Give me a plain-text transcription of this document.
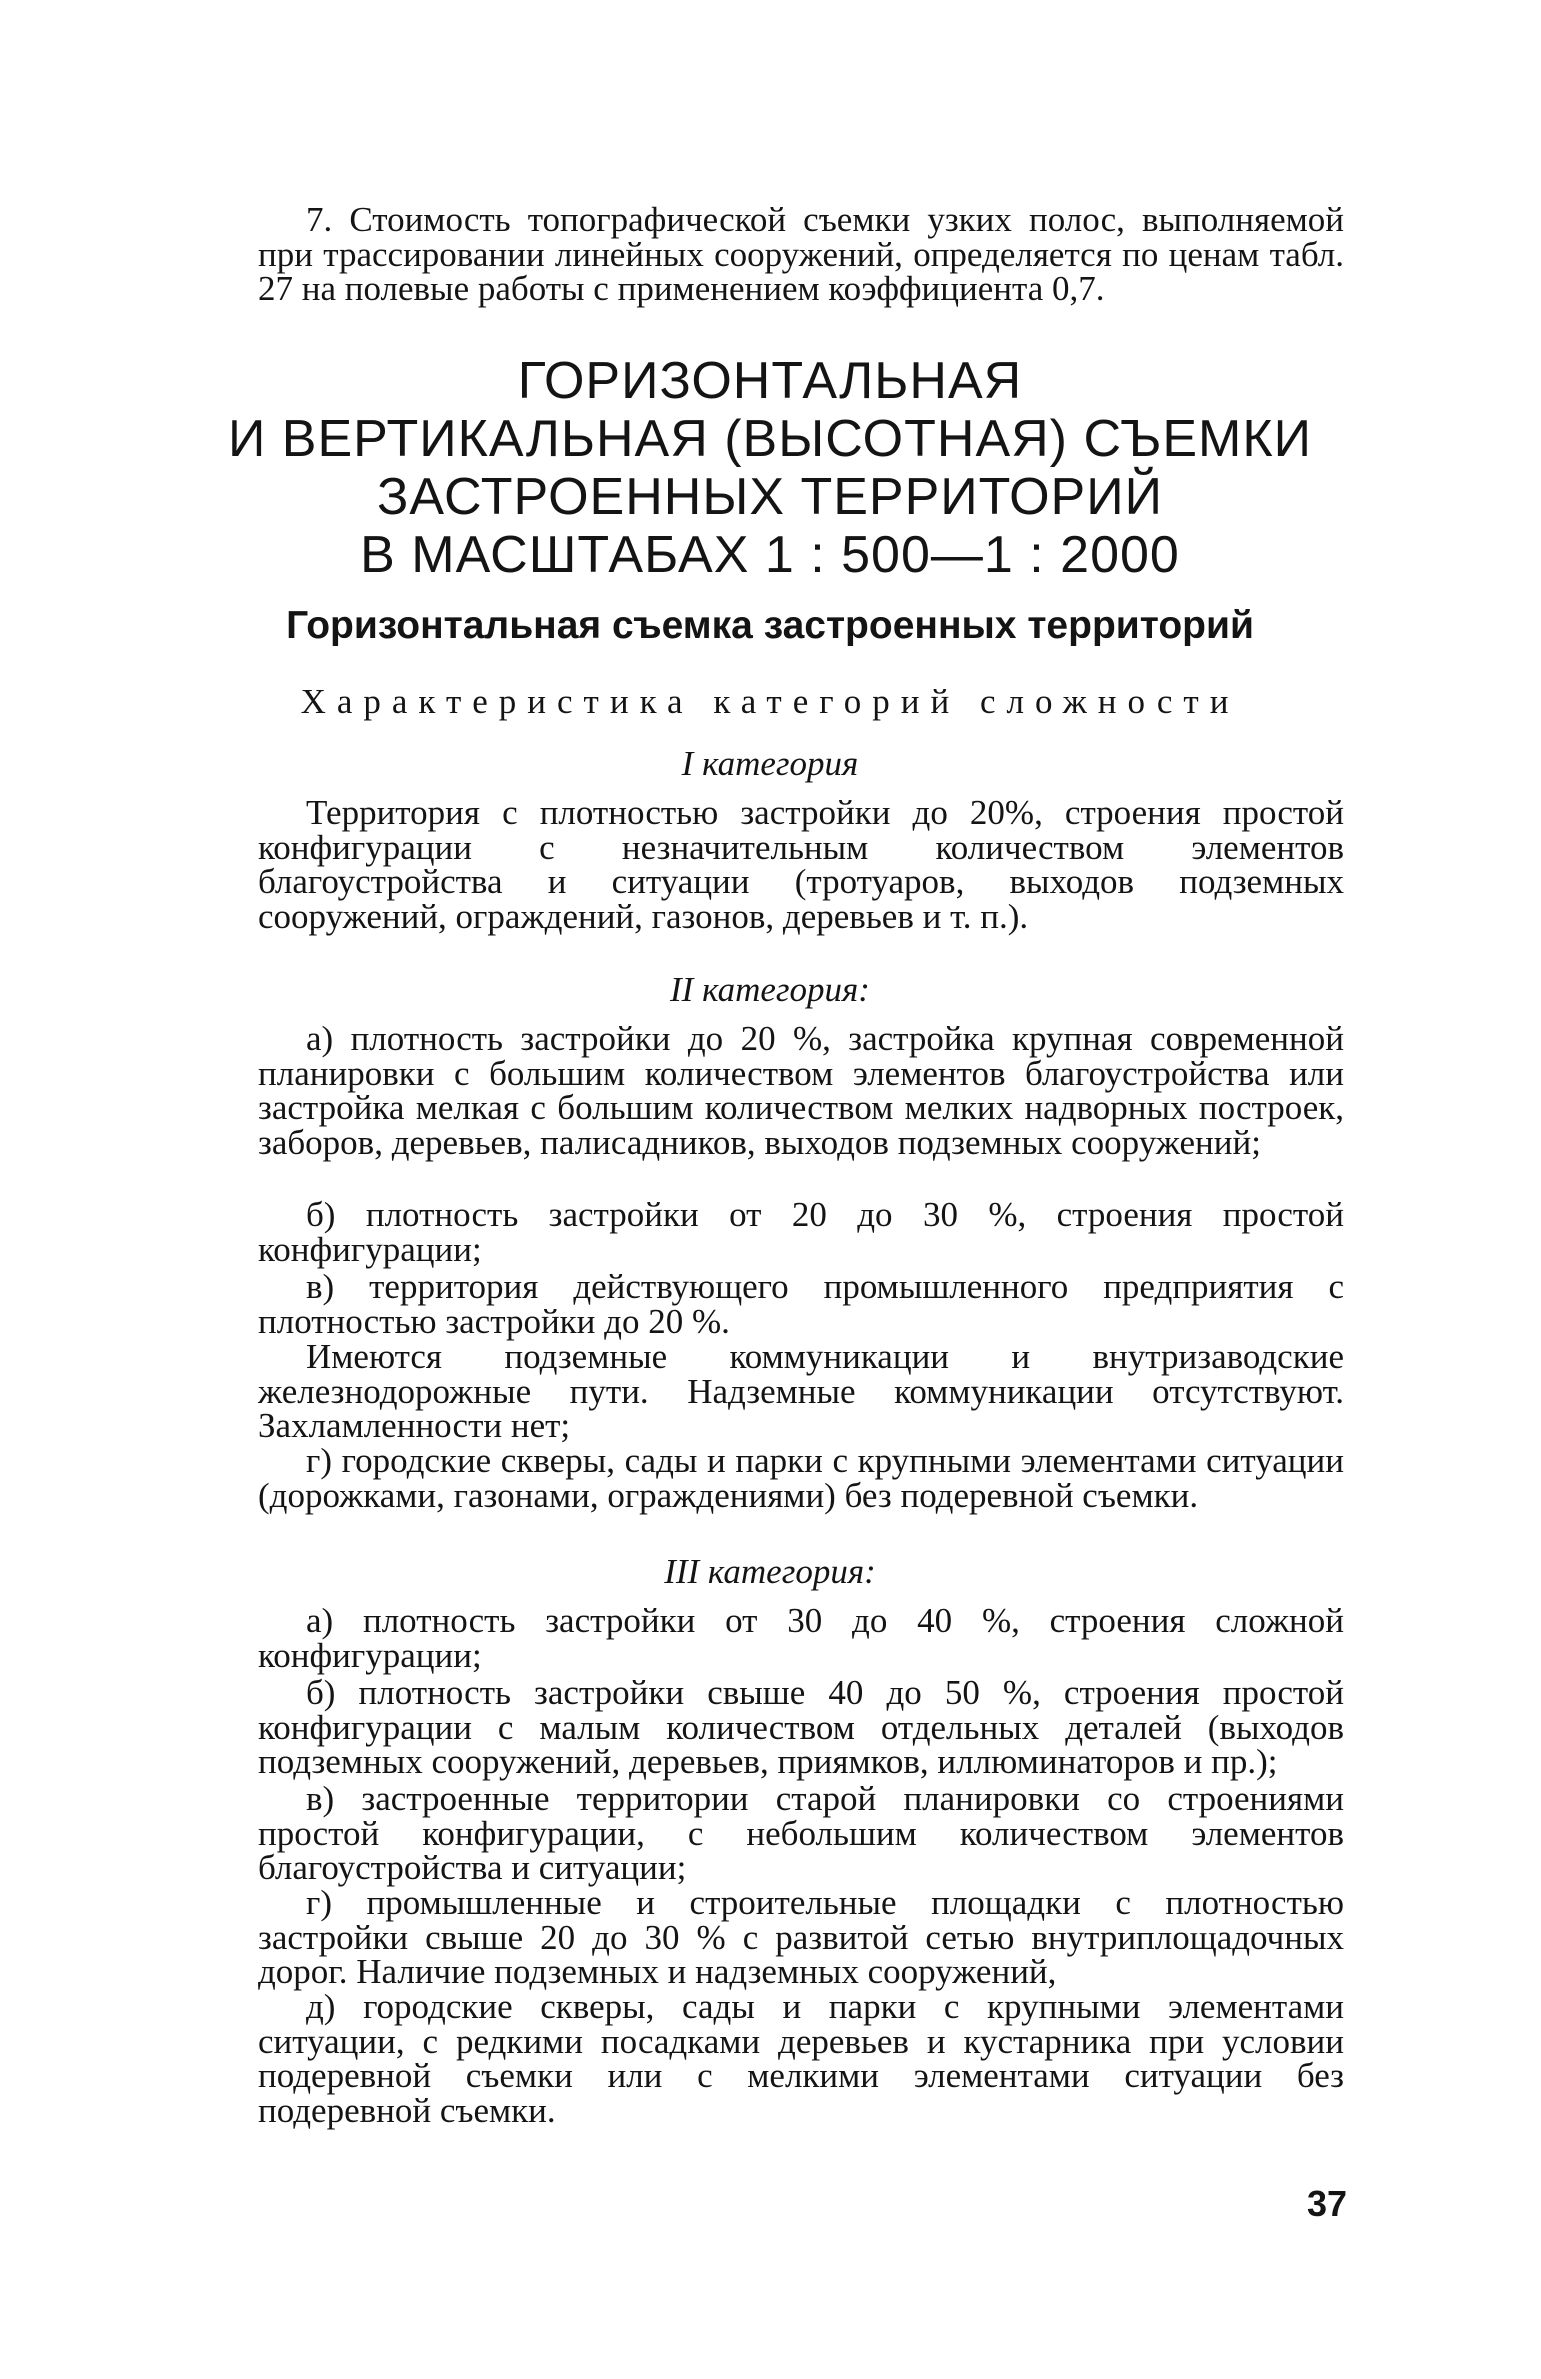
7. Стоимость топографической съемки узких полос, выполняемой при трассировании линейных сооружений, определяется по ценам табл. 27 на полевые работы с применением коэффициента 0,7.

ГОРИЗОНТАЛЬНАЯ
И ВЕРТИКАЛЬНАЯ (ВЫСОТНАЯ) СЪЕМКИ
ЗАСТРОЕННЫХ ТЕРРИТОРИЙ
В МАСШТАБАХ 1 : 500—1 : 2000
Горизонтальная съемка застроенных территорий
Характеристика категорий сложности
I категория

Территория с плотностью застройки до 20%, строения простой конфигурации с незначительным количеством элементов благоустройства и ситуации (тротуаров, выходов подземных сооружений, ограждений, газонов, деревьев и т. п.).

II категория:

а) плотность застройки до 20 %, застройка крупная современной планировки с большим количеством элементов благоустройства или застройка мелкая с большим количеством мелких надворных построек, заборов, деревьев, палисадников, выходов подземных сооружений;

б) плотность застройки от 20 до 30 %, строения простой конфигурации;

в) территория действующего промышленного предприятия с плотностью застройки до 20 %.

Имеются подземные коммуникации и внутризаводские железнодорожные пути. Надземные коммуникации отсутствуют. Захламленности нет;

г) городские скверы, сады и парки с крупными элементами ситуации (дорожками, газонами, ограждениями) без подеревной съемки.

III категория:

а) плотность застройки от 30 до 40 %, строения сложной конфигурации;

б) плотность застройки свыше 40 до 50 %, строения простой конфигурации с малым количеством отдельных деталей (выходов подземных сооружений, деревьев, приямков, иллюминаторов и пр.);

в) застроенные территории старой планировки со строениями простой конфигурации, с небольшим количеством элементов благоустройства и ситуации;

г) промышленные и строительные площадки с плотностью застройки свыше 20 до 30 % с развитой сетью внутриплощадочных дорог. Наличие подземных и надземных сооружений,

д) городские скверы, сады и парки с крупными элементами ситуации, с редкими посадками деревьев и кустарника при условии подеревной съемки или с мелкими элементами ситуации без подеревной съемки.

37
